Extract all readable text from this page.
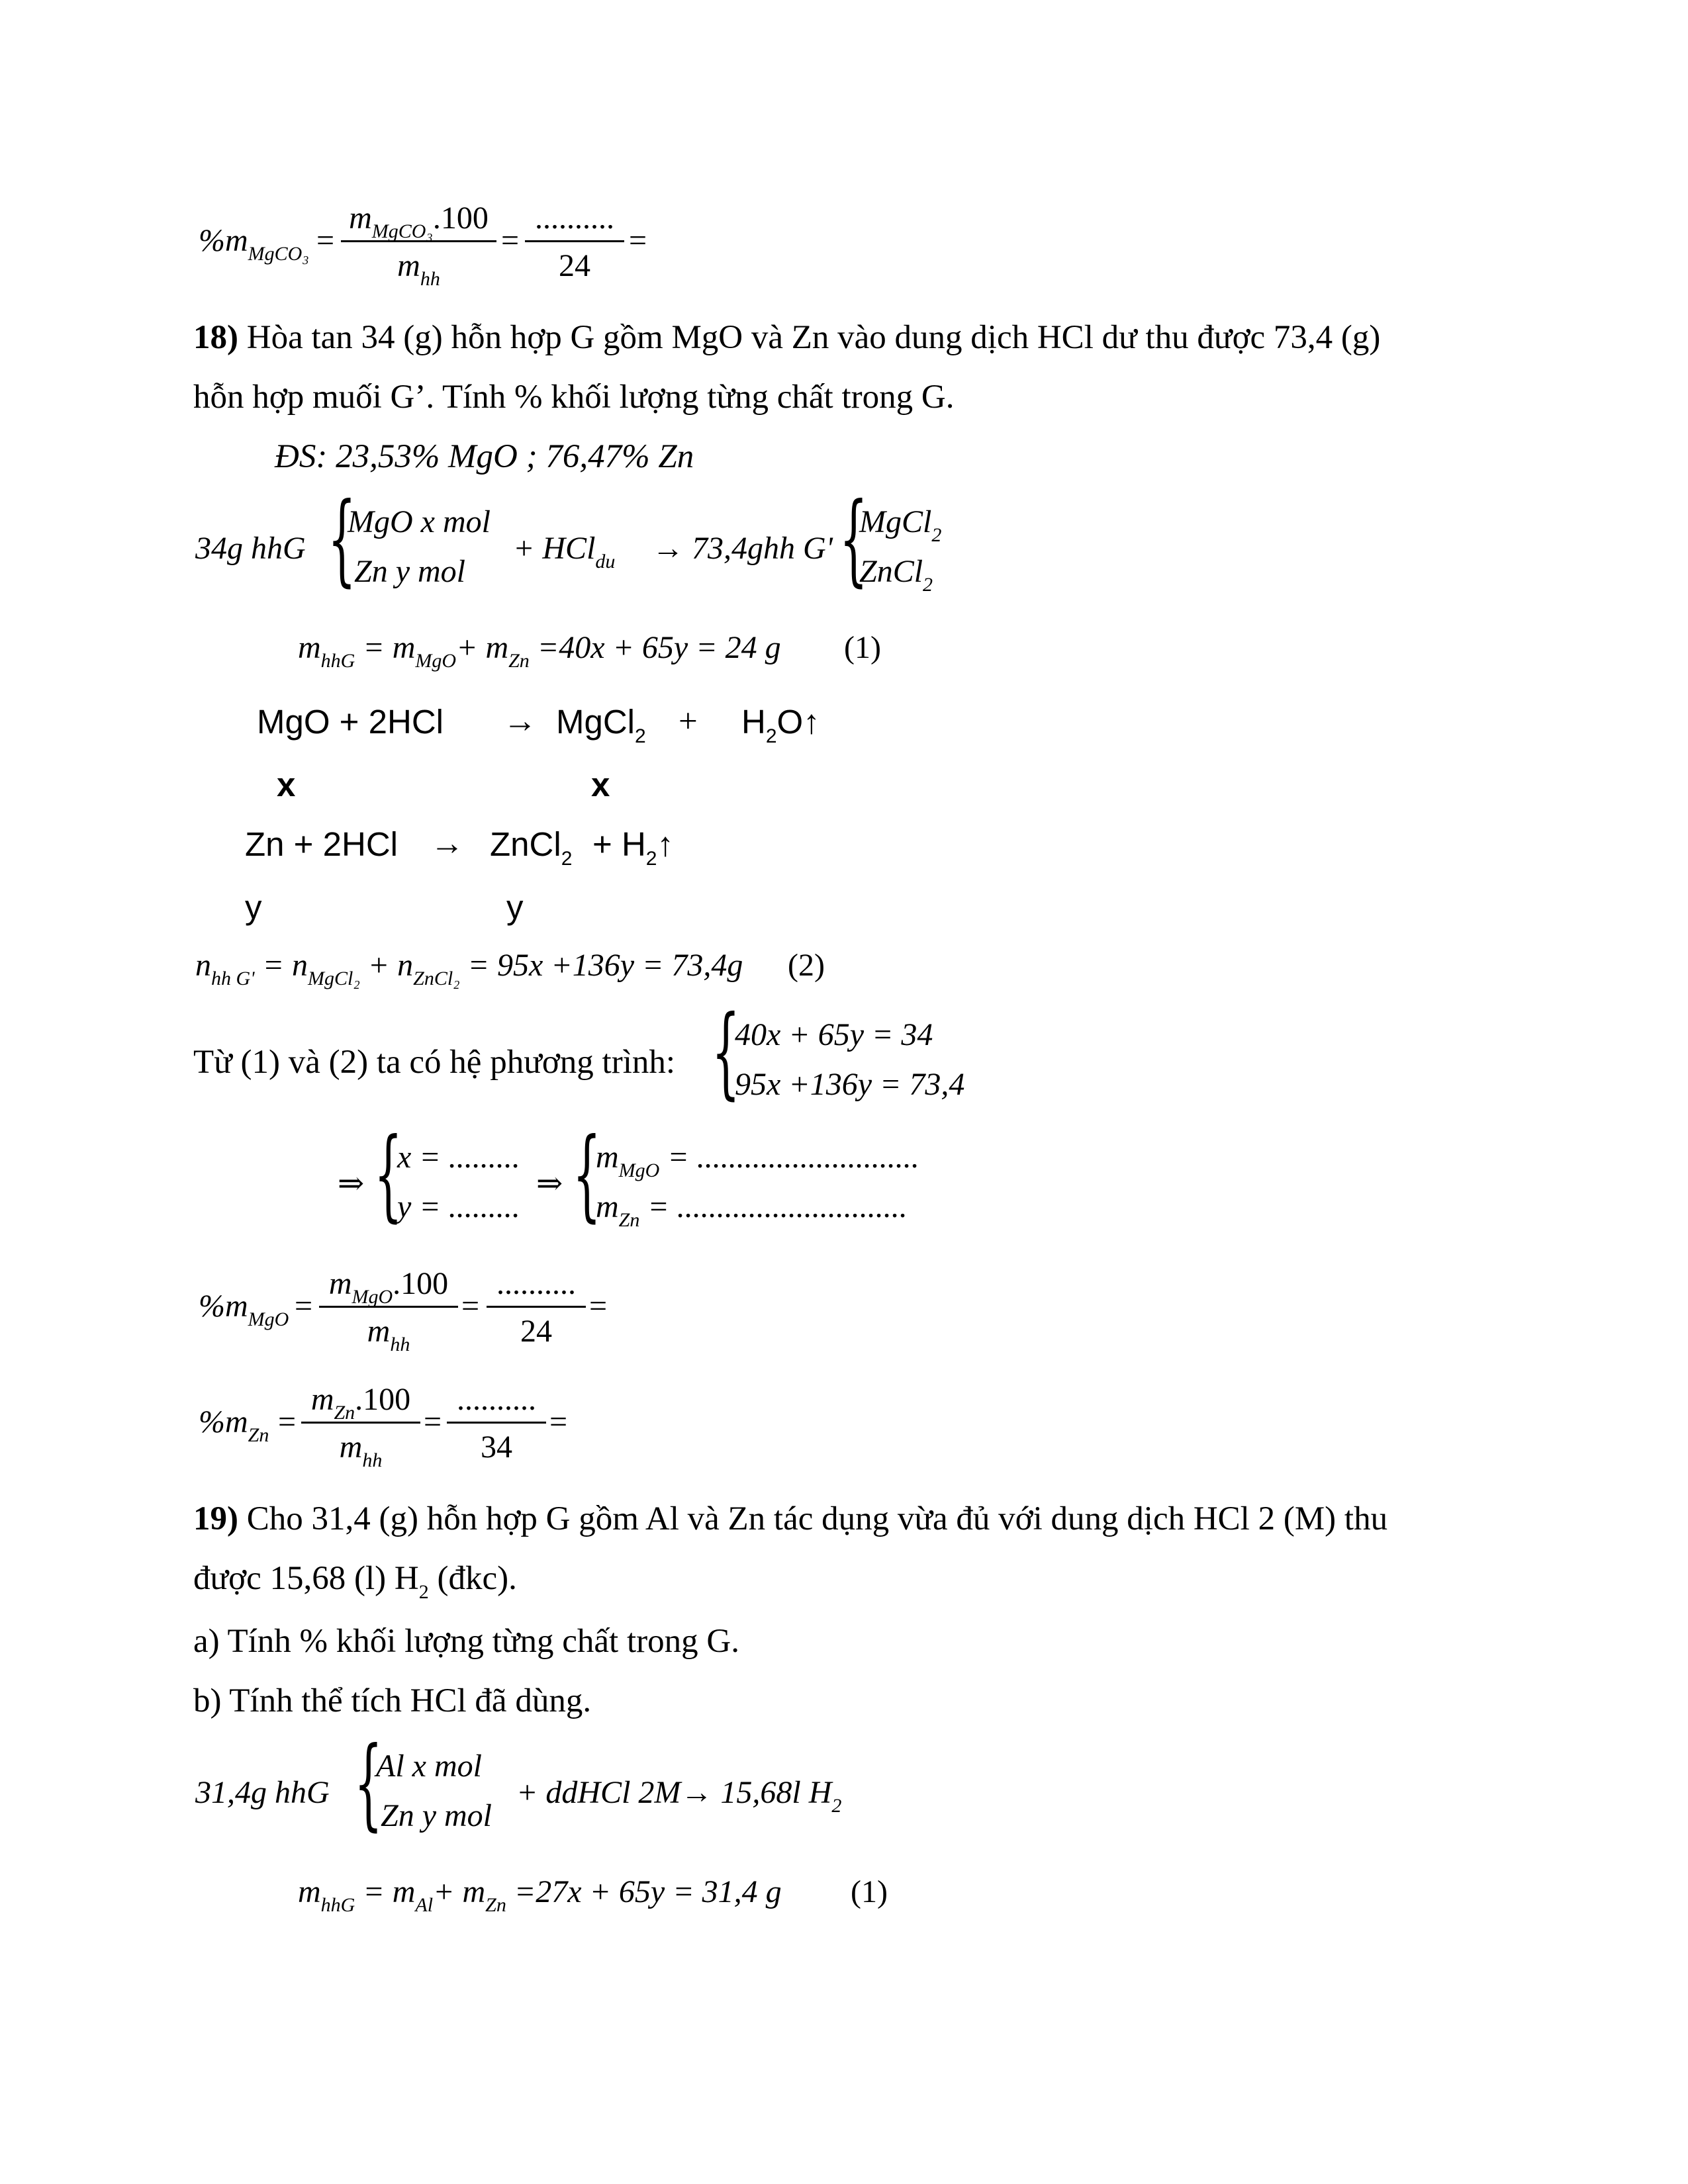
$\%m_{MgCO_3}$ =
$m_{MgCO_3}.100$
$m_{hh}$
=
..........
24
=
18) Hòa tan 34 (g) hỗn hợp G gồm MgO và Zn vào dung dịch HCl dư thu được 73,4 (g)
hỗn hợp muối G’. Tính % khối lượng từng chất trong G.
ĐS: 23,53% MgO ; 76,47% Zn
34g hhG {
MgO x mol
Zn y mol
+ HCl$_{du}$ → 73,4ghh G' {
MgCl$_2$
ZnCl$_2$
$m_{hhG} = m_{MgO}+ m_{Zn} =40x + 65y = 24$ g (1)
MgO + 2HCl → MgCl$_2$ + $H_2O↑$
x	x
Zn + 2HCl → ZnCl$_2$ + $H_2↑$
y	y
$n_{hh G'} = n_{MgCl_2} + n_{ZnCl_2} = 95x +136y = 73,4g$ (2)
Từ (1) và (2) ta có hệ phương trình: {
40x + 65y = 34
95x +136y = 73,4
⇒ {
x = .........
y = .........
⇒ {
$m_{MgO}$ = ............................
$m_{Zn}$ = .............................
$\%m_{MgO}$ =
$m_{MgO}.100$
$m_{hh}$
=
..........
24
=
$\%m_{Zn}$ =
$m_{Zn}.100$
$m_{hh}$
=
..........
34
=
19) Cho 31,4 (g) hỗn hợp G gồm Al và Zn tác dụng vừa đủ với dung dịch HCl 2 (M) thu
được 15,68 (l) $H_2$ (đkc).
a) Tính % khối lượng từng chất trong G.
b) Tính thể tích HCl đã dùng.
31,4g hhG {
Al x mol
Zn y mol
+ ddHCl 2M→ 15,68l $H_2$
$m_{hhG} = m_{Al}+ m_{Zn} =27x + 65y = 31,4$ g (1)
